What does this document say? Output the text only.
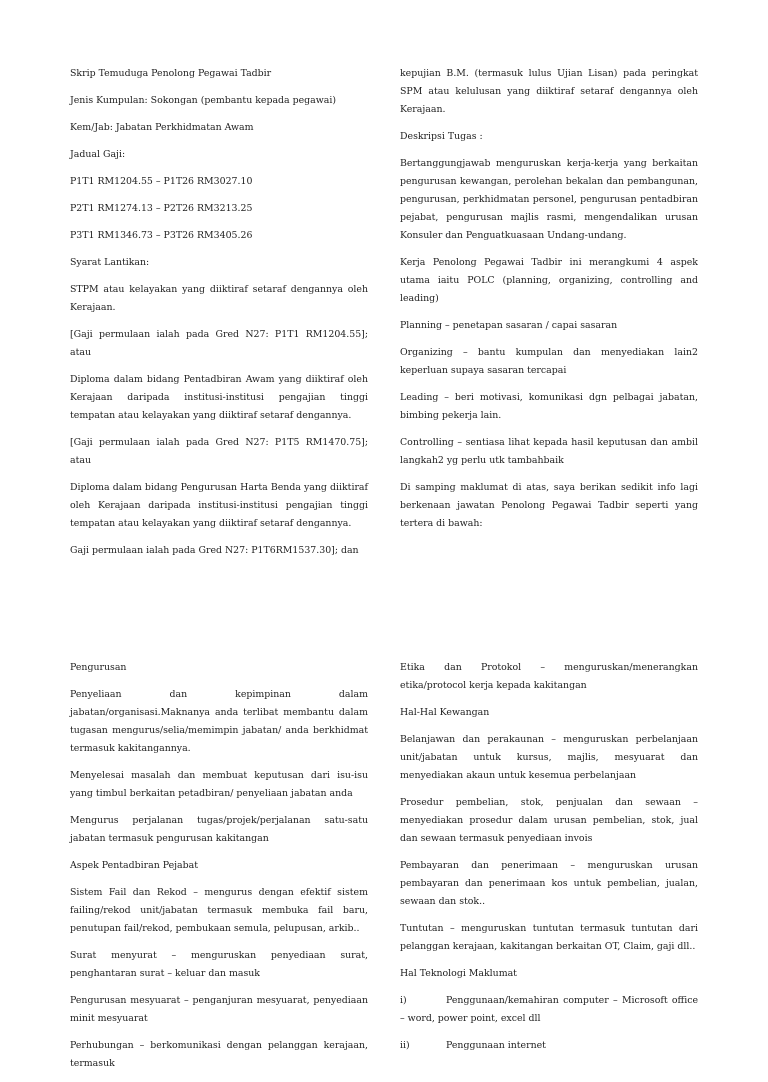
Skrip Temuduga Penolong Pegawai Tadbir

Jenis Kumpulan: Sokongan (pembantu kepada pegawai)

Kem/Jab: Jabatan Perkhidmatan Awam

Jadual Gaji:

P1T1 RM1204.55 – P1T26 RM3027.10

P2T1 RM1274.13 – P2T26 RM3213.25

P3T1 RM1346.73 – P3T26 RM3405.26

Syarat Lantikan:

STPM atau kelayakan yang diiktiraf setaraf dengannya oleh Kerajaan.

[Gaji permulaan ialah pada Gred N27: P1T1 RM1204.55]; atau

Diploma dalam bidang Pentadbiran Awam yang diiktiraf oleh Kerajaan daripada institusi-institusi pengajian tinggi tempatan atau kelayakan yang diiktiraf setaraf dengannya.

[Gaji permulaan ialah pada Gred N27: P1T5 RM1470.75]; atau

Diploma dalam bidang Pengurusan Harta Benda yang diiktiraf oleh Kerajaan daripada institusi-institusi pengajian tinggi tempatan atau kelayakan yang diiktiraf setaraf dengannya.

Gaji permulaan ialah pada Gred N27: P1T6RM1537.30]; dan

kepujian B.M. (termasuk lulus Ujian Lisan) pada peringkat SPM atau kelulusan yang diiktiraf setaraf dengannya oleh Kerajaan.

Deskripsi Tugas :

Bertanggungjawab menguruskan kerja-kerja yang berkaitan pengurusan kewangan, perolehan bekalan dan pembangunan, pengurusan, perkhidmatan personel, pengurusan pentadbiran pejabat, pengurusan majlis rasmi, mengendalikan urusan Konsuler dan Penguatkuasaan Undang-undang.

Kerja Penolong Pegawai Tadbir ini merangkumi 4 aspek utama iaitu POLC (planning, organizing, controlling and leading)

Planning – penetapan sasaran / capai sasaran

Organizing – bantu kumpulan dan menyediakan lain2 keperluan supaya sasaran tercapai

Leading – beri motivasi, komunikasi dgn pelbagai jabatan, bimbing pekerja lain.

Controlling – sentiasa lihat kepada hasil keputusan dan ambil langkah2 yg perlu utk tambahbaik

Di samping maklumat di atas, saya berikan sedikit info lagi berkenaan jawatan Penolong Pegawai Tadbir seperti yang tertera di bawah:

Pengurusan

Penyeliaan dan kepimpinan dalam jabatan/organisasi.Maknanya anda terlibat membantu dalam tugasan mengurus/selia/memimpin jabatan/ anda berkhidmat termasuk kakitangannya.

Menyelesai masalah dan membuat keputusan dari isu-isu yang timbul berkaitan petadbiran/ penyeliaan jabatan anda

Mengurus perjalanan tugas/projek/perjalanan satu-satu jabatan termasuk pengurusan kakitangan

Aspek Pentadbiran Pejabat

Sistem Fail dan Rekod – mengurus dengan efektif sistem failing/rekod unit/jabatan termasuk membuka fail baru, penutupan fail/rekod, pembukaan semula, pelupusan, arkib..

Surat menyurat – menguruskan penyediaan surat, penghantaran surat – keluar dan masuk

Pengurusan mesyuarat – penganjuran mesyuarat, penyediaan minit mesyuarat

Perhubungan – berkomunikasi dengan pelanggan kerajaan, termasuk

Etika dan Protokol – menguruskan/menerangkan etika/protocol kerja kepada kakitangan

Hal-Hal Kewangan

Belanjawan dan perakaunan – menguruskan perbelanjaan unit/jabatan untuk kursus, majlis, mesyuarat dan menyediakan akaun untuk kesemua perbelanjaan

Prosedur pembelian, stok, penjualan dan sewaan – menyediakan prosedur dalam urusan pembelian, stok, jual dan sewaan termasuk penyediaan invois

Pembayaran dan penerimaan – menguruskan urusan pembayaran dan penerimaan kos untuk pembelian, jualan, sewaan dan stok..

Tuntutan – menguruskan tuntutan termasuk tuntutan dari pelanggan kerajaan, kakitangan berkaitan OT, Claim, gaji dll..

Hal Teknologi Maklumat

i)	Penggunaan/kemahiran computer – Microsoft office – word, power point, excel dll

ii)	Penggunaan internet
